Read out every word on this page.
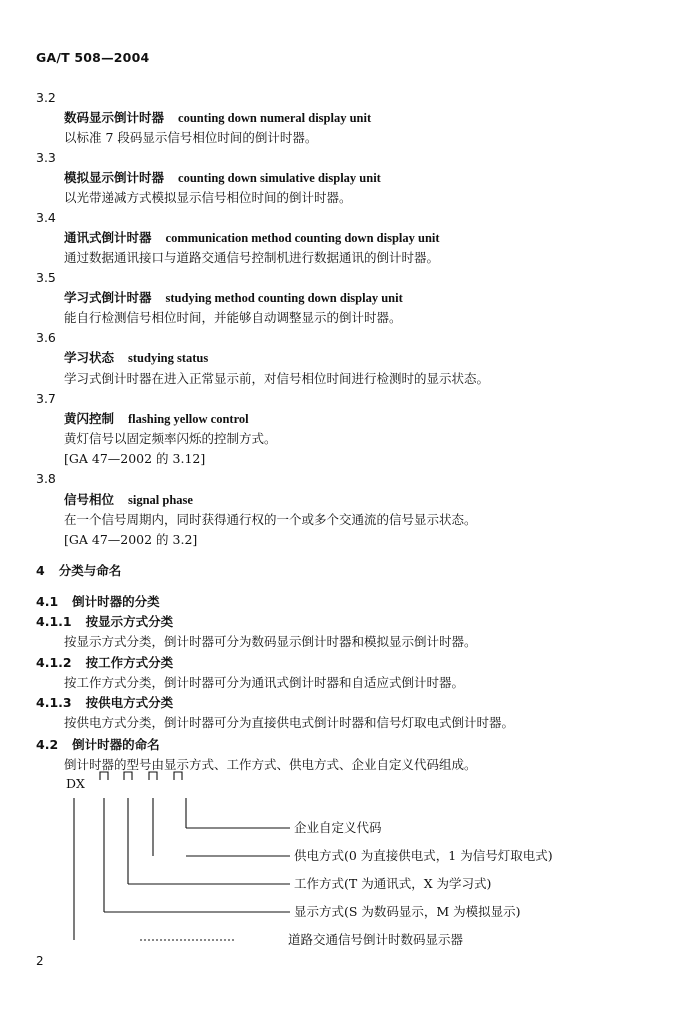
GA/T 508—2004
3.2
数码显示倒计时器 counting down numeral display unit
以标准 7 段码显示信号相位时间的倒计时器。
3.3
模拟显示倒计时器 counting down simulative display unit
以光带递减方式模拟显示信号相位时间的倒计时器。
3.4
通讯式倒计时器 communication method counting down display unit
通过数据通讯接口与道路交通信号控制机进行数据通讯的倒计时器。
3.5
学习式倒计时器 studying method counting down display unit
能自行检测信号相位时间，并能够自动调整显示的倒计时器。
3.6
学习状态 studying status
学习式倒计时器在进入正常显示前，对信号相位时间进行检测时的显示状态。
3.7
黄闪控制 flashing yellow control
黄灯信号以固定频率闪烁的控制方式。
[GA 47—2002 的 3.12]
3.8
信号相位 signal phase
在一个信号周期内，同时获得通行权的一个或多个交通流的信号显示状态。
[GA 47—2002 的 3.2]
4 分类与命名
4.1 倒计时器的分类
4.1.1 按显示方式分类
按显示方式分类，倒计时器可分为数码显示倒计时器和模拟显示倒计时器。
4.1.2 按工作方式分类
按工作方式分类，倒计时器可分为通讯式倒计时器和自适应式倒计时器。
4.1.3 按供电方式分类
按供电方式分类，倒计时器可分为直接供电式倒计时器和信号灯取电式倒计时器。
4.2 倒计时器的命名
倒计时器的型号由显示方式、工作方式、供电方式、企业自定义代码组成。
DX
企业自定义代码
供电方式(0 为直接供电式，1 为信号灯取电式)
工作方式(T 为通讯式，X 为学习式)
显示方式(S 为数码显示，M 为模拟显示)
道路交通信号倒计时数码显示器
2
